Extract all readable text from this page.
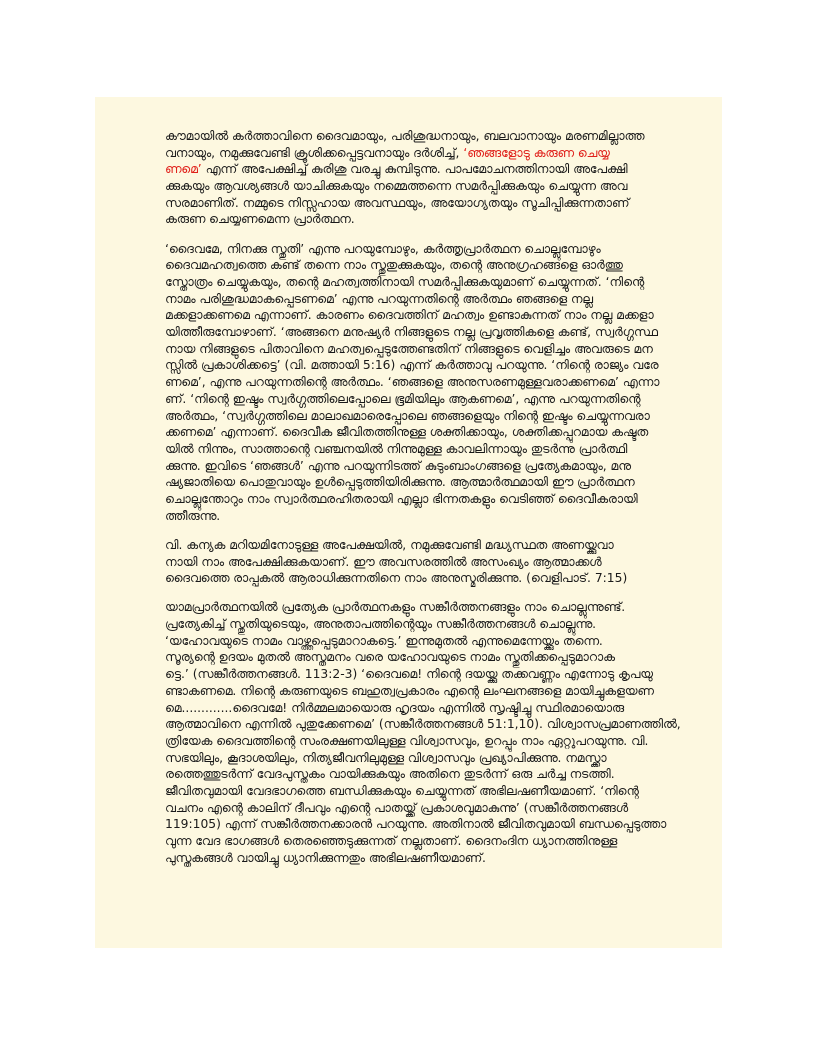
കൗമായിൽ കർത്താവിനെ ദൈവമായും, പരിശുദ്ധനായും, ബലവാനായും മരണമില്ലാത്ത
വനായും, നമുക്കുവേണ്ടി ക്രൂശിക്കപ്പെട്ടവനായും ദർശിച്ച്, ‘ഞങ്ങളോടു കരുണ ചെയ്യ
ണമെ’ എന്ന് അപേക്ഷിച്ച് കുരിശു വരച്ചു കുമ്പിടുന്നു. പാപമോചനത്തിനായി അപേക്ഷി
ക്കുകയും ആവശ്യങ്ങൾ യാചിക്കുകയും നമ്മെത്തന്നെ സമർപ്പിക്കുകയും ചെയ്യുന്ന അവ
സരമാണിത്. നമ്മുടെ നിസ്സഹായ അവസ്ഥയും, അയോഗ്യതയും സൂചിപ്പിക്കുന്നതാണ്
കരുണ ചെയ്യണമെന്ന പ്രാർത്ഥന.

‘ദൈവമേ, നിനക്കു സ്തുതി’ എന്നു പറയുമ്പോഴും, കർത്തൃപ്രാർത്ഥന ചൊല്ലുമ്പോഴും
ദൈവമഹത്വത്തെ കണ്ട് തന്നെ നാം സ്തുതുക്കുകയും, തന്റെ അനുഗ്രഹങ്ങളെ ഓർത്തു
സ്തോത്രം ചെയ്യുകയും, തന്റെ മഹത്വത്തിനായി സമർപ്പിക്കുകയുമാണ് ചെയ്യുന്നത്. ‘നിന്റെ
നാമം പരിശുദ്ധമാകപ്പെടണമെ’ എന്നു പറയുന്നതിന്റെ അർത്ഥം ഞങ്ങളെ നല്ല
മക്കളാക്കണമെ എന്നാണ്. കാരണം ദൈവത്തിന് മഹത്വം ഉണ്ടാകുന്നത് നാം നല്ല മക്കളാ
യിത്തീരുമ്പോഴാണ്. ‘അങ്ങനെ മനുഷ്യർ നിങ്ങളുടെ നല്ല പ്രവൃത്തികളെ കണ്ട്, സ്വർഗ്ഗസ്ഥ
നായ നിങ്ങളുടെ പിതാവിനെ മഹത്വപ്പെടുത്തേണ്ടതിന് നിങ്ങളുടെ വെളിച്ചം അവരുടെ മന
സ്സിൽ പ്രകാശിക്കട്ടെ’ (വി. മത്തായി 5:16) എന്ന് കർത്താവു പറയുന്നു. ‘നിന്റെ രാജ്യം വരേ
ണമെ’, എന്നു പറയുന്നതിന്റെ അർത്ഥം. ‘ഞങ്ങളെ അനുസരണമുള്ളവരാക്കണമെ’ എന്നാ
ണ്. ‘നിന്റെ ഇഷ്ടം സ്വർഗ്ഗത്തിലെപ്പോലെ ഭൂമിയിലും ആകണമെ’, എന്നു പറയുന്നതിന്റെ
അർത്ഥം, ‘സ്വർഗ്ഗത്തിലെ മാലാഖമാരെപ്പോലെ ഞങ്ങളെയും നിന്റെ ഇഷ്ടം ചെയ്യുന്നവരാ
ക്കണമെ’ എന്നാണ്. ദൈവീക ജീവിതത്തിനുള്ള ശക്തിക്കായും, ശക്തിക്കപ്പുറമായ കഷ്ടത
യിൽ നിന്നും, സാത്താന്റെ വഞ്ചനയിൽ നിന്നുമുള്ള കാവലിന്നായും തുടർന്നു പ്രാർത്ഥി
ക്കുന്നു. ഇവിടെ ‘ഞങ്ങൾ’ എന്നു പറയുന്നിടത്ത് കുടുംബാംഗങ്ങളെ പ്രത്യേകമായും, മനു
ഷ്യജാതിയെ പൊതുവായും ഉൾപ്പെടുത്തിയിരിക്കുന്നു. ആത്മാർത്ഥമായി ഈ പ്രാർത്ഥന
ചൊല്ലുന്തോറും നാം സ്വാർത്ഥരഹിതരായി എല്ലാ ഭിന്നതകളും വെടിഞ്ഞ് ദൈവീകരായി
ത്തീരുന്നു.

വി. കന്യക മറിയമിനോടുള്ള അപേക്ഷയിൽ, നമുക്കുവേണ്ടി മദ്ധ്യസ്ഥത അണയ്ക്കുവാ
നായി നാം അപേക്ഷിക്കുകയാണ്. ഈ അവസരത്തിൽ അസംഖ്യം ആത്മാക്കൾ
ദൈവത്തെ രാപ്പകൽ ആരാധിക്കുന്നതിനെ നാം അനുസ്മരിക്കുന്നു. (വെളിപാട്. 7:15)

യാമപ്രാർത്ഥനയിൽ പ്രത്യേക പ്രാർത്ഥനകളും സങ്കീർത്തനങ്ങളും നാം ചൊല്ലുന്നുണ്ട്.
പ്രത്യേകിച്ച് സ്തുതിയുടെയും, അനുതാപത്തിന്റെയും സങ്കീർത്തനങ്ങൾ ചൊല്ലുന്നു.
‘യഹോവയുടെ നാമം വാഴ്ത്തപ്പെടുമാറാകട്ടെ.’ ഇന്നുമുതൽ എന്നുമെന്നേയ്ക്കും തന്നെ.
സൂര്യന്റെ ഉദയം മുതൽ അസ്തമനം വരെ യഹോവയുടെ നാമം സ്തുതിക്കപ്പെടുമാറാക
ട്ടെ.’ (സങ്കീർത്തനങ്ങൾ. 113:2-3) ‘ദൈവമെ! നിന്റെ ദയയ്ക്കു തക്കവണ്ണം എന്നോടു കൃപയു
ണ്ടാകണമെ. നിന്റെ കരുണയുടെ ബഹുത്വപ്രകാരം എന്റെ ലംഘനങ്ങളെ മായിച്ചുകളയണ
മെ.............ദൈവമേ! നിർമ്മലമായൊരു ഹൃദയം എന്നിൽ സൃഷ്ടിച്ചു സ്ഥിരമായൊരു
ആത്മാവിനെ എന്നിൽ പുതുക്കേണമെ’ (സങ്കീർത്തനങ്ങൾ 51:1,10). വിശ്വാസപ്രമാണത്തിൽ,
ത്രിയേക ദൈവത്തിന്റെ സംരക്ഷണയിലുള്ള വിശ്വാസവും, ഉറപ്പും നാം ഏറ്റുപറയുന്നു. വി.
സഭയിലും, കൂദാശയിലും, നിത്യജീവനിലുമുള്ള വിശ്വാസവും പ്രഖ്യാപിക്കുന്നു. നമസ്ക്കാ
രത്തെത്തുടർന്ന് വേദപുസ്തകം വായിക്കുകയും അതിനെ തുടർന്ന് ഒരു ചർച്ച നടത്തി.
ജീവിതവുമായി വേദഭാഗത്തെ ബന്ധിക്കുകയും ചെയ്യുന്നത് അഭിലഷണീയമാണ്. ‘നിന്റെ
വചനം എന്റെ കാലിന് ദീപവും എന്റെ പാതയ്ക്ക് പ്രകാശവുമാകുന്നു’ (സങ്കീർത്തനങ്ങൾ
119:105) എന്ന് സങ്കീർത്തനക്കാരൻ പറയുന്നു. അതിനാൽ ജീവിതവുമായി ബന്ധപ്പെടുത്താ
വുന്ന വേദ ഭാഗങ്ങൾ തെരഞ്ഞെടുക്കുന്നത് നല്ലതാണ്. ദൈനംദിന ധ്യാനത്തിനുള്ള
പുസ്തകങ്ങൾ വായിച്ചു ധ്യാനിക്കുന്നതും അഭിലഷണീയമാണ്.
